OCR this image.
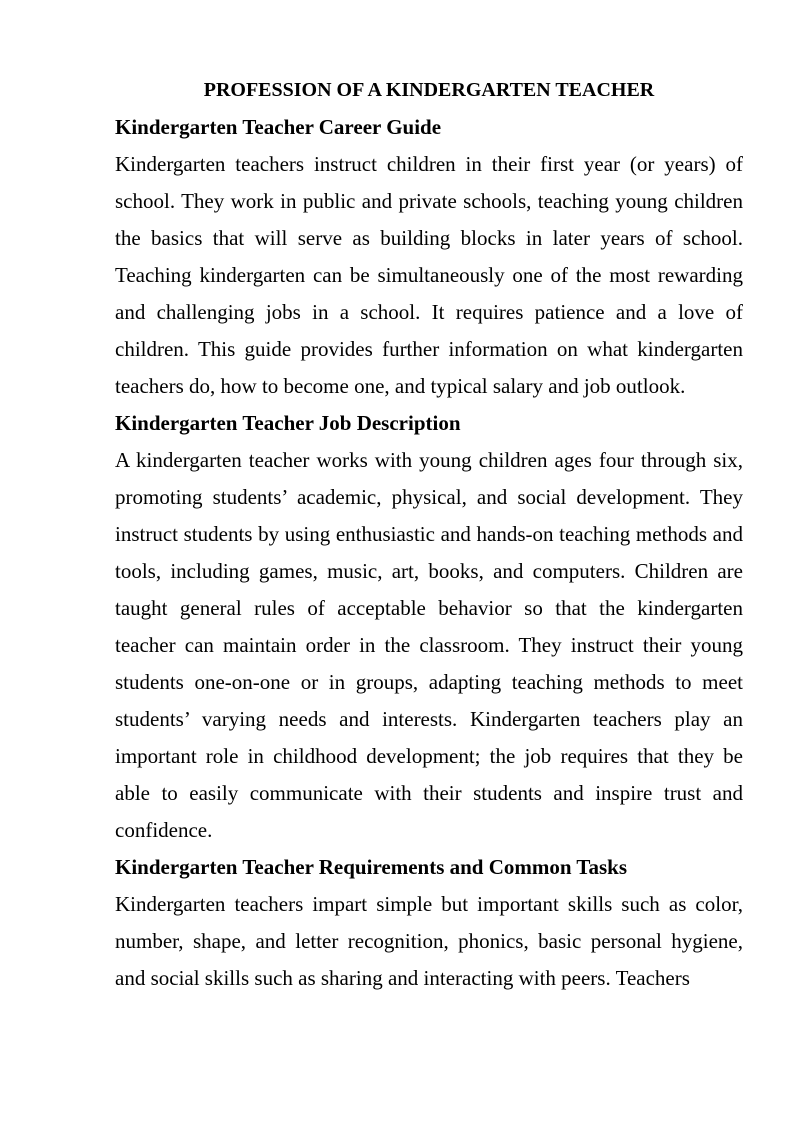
PROFESSION OF A KINDERGARTEN TEACHER
Kindergarten Teacher Career Guide

Kindergarten teachers instruct children in their first year (or years) of school. They work in public and private schools, teaching young children the basics that will serve as building blocks in later years of school. Teaching kindergarten can be simultaneously one of the most rewarding and challenging jobs in a school. It requires patience and a love of children. This guide provides further information on what kindergarten teachers do, how to become one, and typical salary and job outlook.

Kindergarten Teacher Job Description

A kindergarten teacher works with young children ages four through six, promoting students’ academic, physical, and social development. They instruct students by using enthusiastic and hands-on teaching methods and tools, including games, music, art, books, and computers. Children are taught general rules of acceptable behavior so that the kindergarten teacher can maintain order in the classroom. They instruct their young students one-on-one or in groups, adapting teaching methods to meet students’ varying needs and interests. Kindergarten teachers play an important role in childhood development; the job requires that they be able to easily communicate with their students and inspire trust and confidence.

Kindergarten Teacher Requirements and Common Tasks

Kindergarten teachers impart simple but important skills such as color, number, shape, and letter recognition, phonics, basic personal hygiene, and social skills such as sharing and interacting with peers. Teachers
